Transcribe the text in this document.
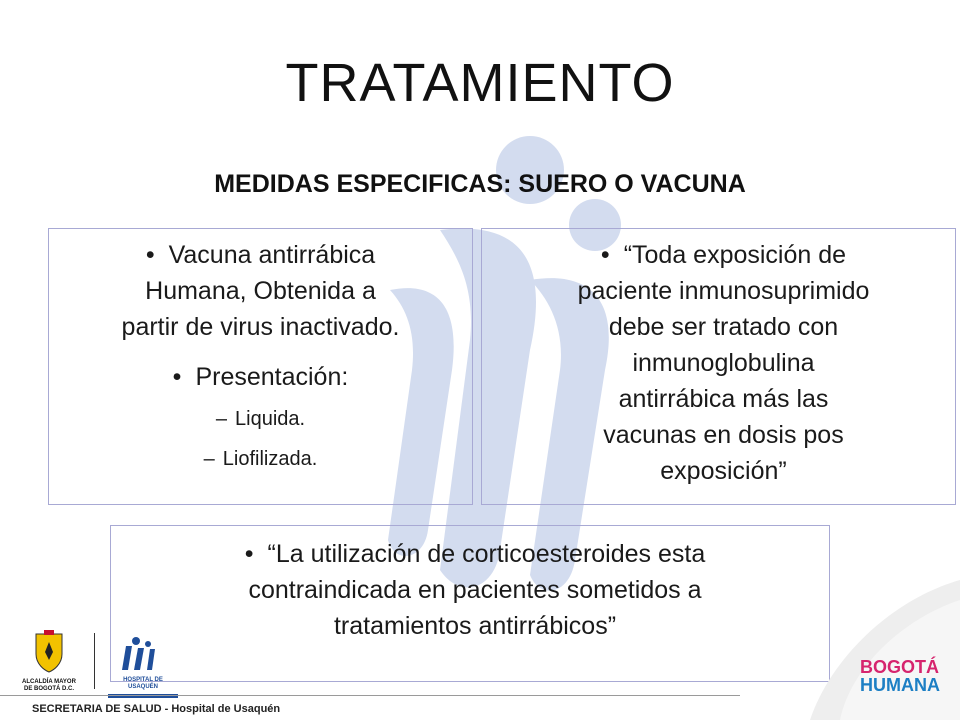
TRATAMIENTO
MEDIDAS ESPECIFICAS: SUERO O VACUNA
• Vacuna antirrábica
Humana, Obtenida a
partir de virus inactivado.
• Presentación:
– Liquida.
– Liofilizada.
• “Toda exposición de
paciente inmunosuprimido
debe ser tratado con
inmunoglobulina
antirrábica más las
vacunas en dosis pos
exposición”
• “La utilización de corticoesteroides esta
contraindicada en pacientes sometidos a
tratamientos antirrábicos”
ALCALDÍA MAYOR
DE BOGOTÁ D.C.
HOSPITAL DE USAQUÉN
BOGOTÁ
HUMANA
SECRETARIA DE SALUD - Hospital de Usaquén
